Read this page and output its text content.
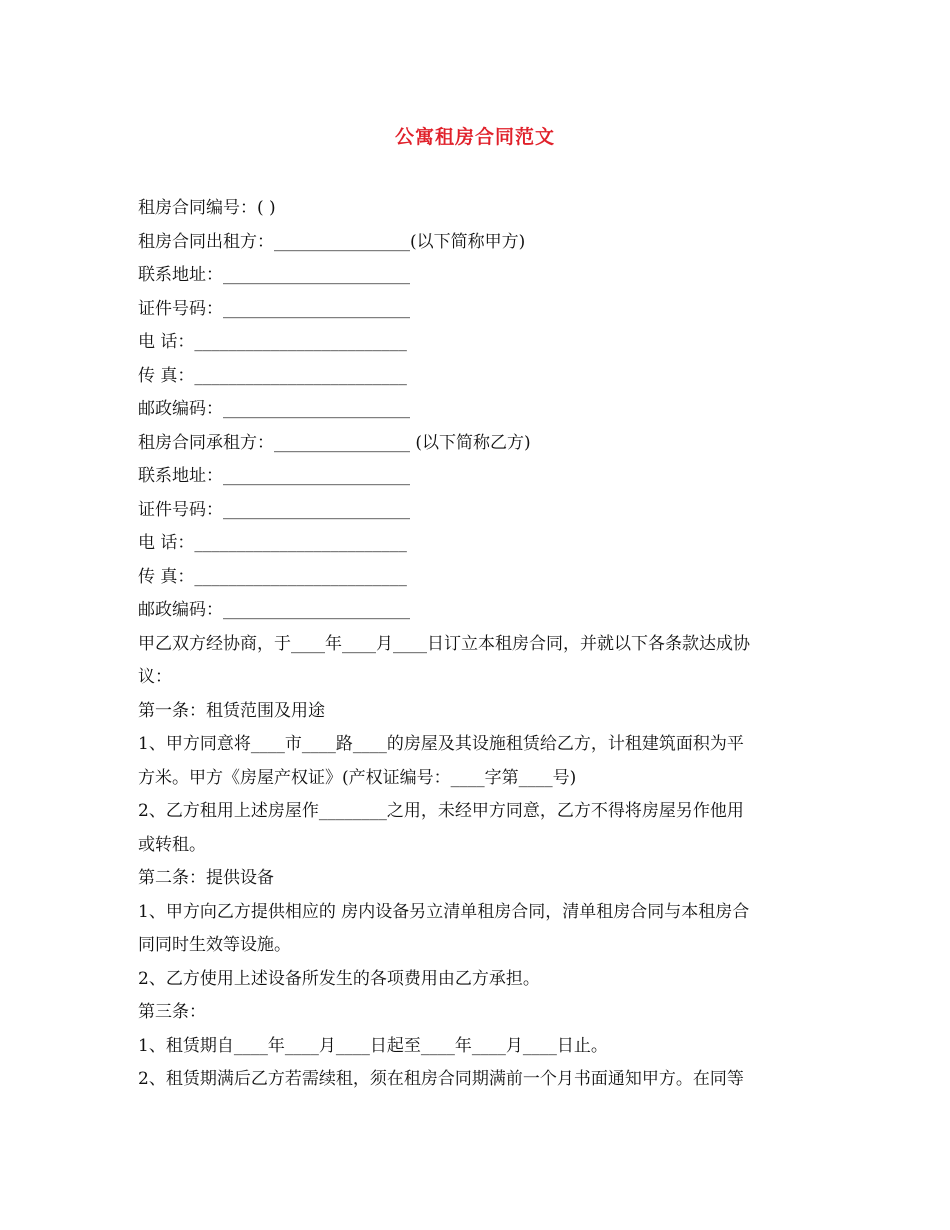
公寓租房合同范文
租房合同编号：( )
租房合同出租方：________________(以下简称甲方)
联系地址：______________________
证件号码：______________________
电 话：_________________________
传 真：_________________________
邮政编码：______________________
租房合同承租方：________________ (以下简称乙方)
联系地址：______________________
证件号码：______________________
电 话：_________________________
传 真：_________________________
邮政编码：______________________
甲乙双方经协商，于____年____月____日订立本租房合同，并就以下各条款达成协
议：
第一条：租赁范围及用途
1、甲方同意将____市____路____的房屋及其设施租赁给乙方，计租建筑面积为平
方米。甲方《房屋产权证》(产权证编号：____字第____号)
2、乙方租用上述房屋作________之用，未经甲方同意，乙方不得将房屋另作他用
或转租。
第二条：提供设备
1、甲方向乙方提供相应的 房内设备另立清单租房合同，清单租房合同与本租房合
同同时生效等设施。
2、乙方使用上述设备所发生的各项费用由乙方承担。
第三条：
1、租赁期自____年____月____日起至____年____月____日止。
2、租赁期满后乙方若需续租，须在租房合同期满前一个月书面通知甲方。在同等
